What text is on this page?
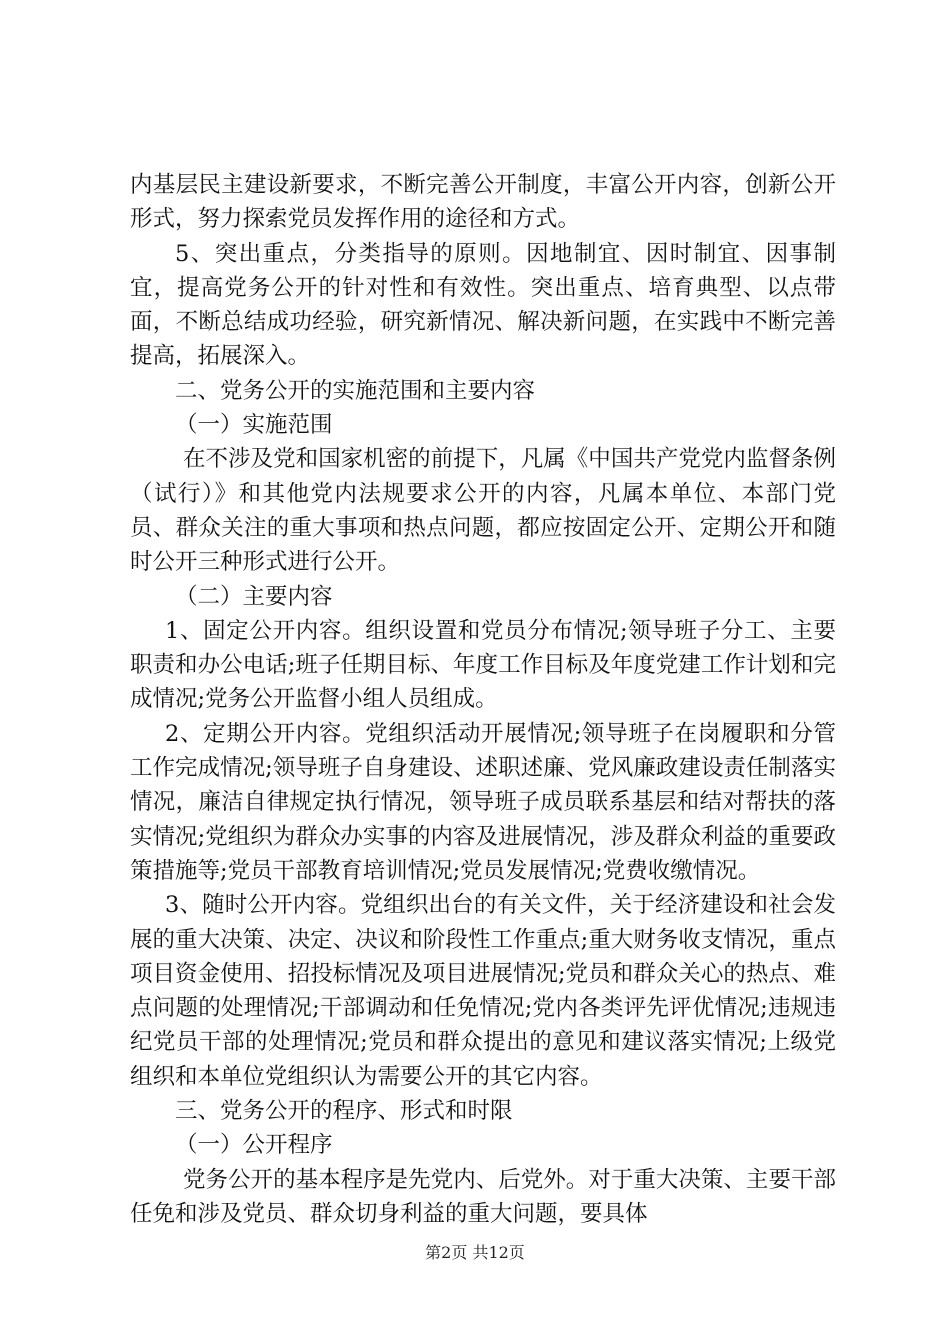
内基层民主建设新要求，不断完善公开制度，丰富公开内容，创新公开形式，努力探索党员发挥作用的途径和方式。

5、突出重点，分类指导的原则。因地制宜、因时制宜、因事制宜，提高党务公开的针对性和有效性。突出重点、培育典型、以点带面，不断总结成功经验，研究新情况、解决新问题，在实践中不断完善提高，拓展深入。

二、党务公开的实施范围和主要内容

（一）实施范围

在不涉及党和国家机密的前提下，凡属《中国共产党党内监督条例（试行）》和其他党内法规要求公开的内容，凡属本单位、本部门党员、群众关注的重大事项和热点问题，都应按固定公开、定期公开和随时公开三种形式进行公开。

（二）主要内容

1、固定公开内容。组织设置和党员分布情况;领导班子分工、主要职责和办公电话;班子任期目标、年度工作目标及年度党建工作计划和完成情况;党务公开监督小组人员组成。

2、定期公开内容。党组织活动开展情况;领导班子在岗履职和分管工作完成情况;领导班子自身建设、述职述廉、党风廉政建设责任制落实情况，廉洁自律规定执行情况，领导班子成员联系基层和结对帮扶的落实情况;党组织为群众办实事的内容及进展情况，涉及群众利益的重要政策措施等;党员干部教育培训情况;党员发展情况;党费收缴情况。

3、随时公开内容。党组织出台的有关文件，关于经济建设和社会发展的重大决策、决定、决议和阶段性工作重点;重大财务收支情况，重点项目资金使用、招投标情况及项目进展情况;党员和群众关心的热点、难点问题的处理情况;干部调动和任免情况;党内各类评先评优情况;违规违纪党员干部的处理情况;党员和群众提出的意见和建议落实情况;上级党组织和本单位党组织认为需要公开的其它内容。

三、党务公开的程序、形式和时限

（一）公开程序

党务公开的基本程序是先党内、后党外。对于重大决策、主要干部任免和涉及党员、群众切身利益的重大问题，要具体

第2页 共12页
